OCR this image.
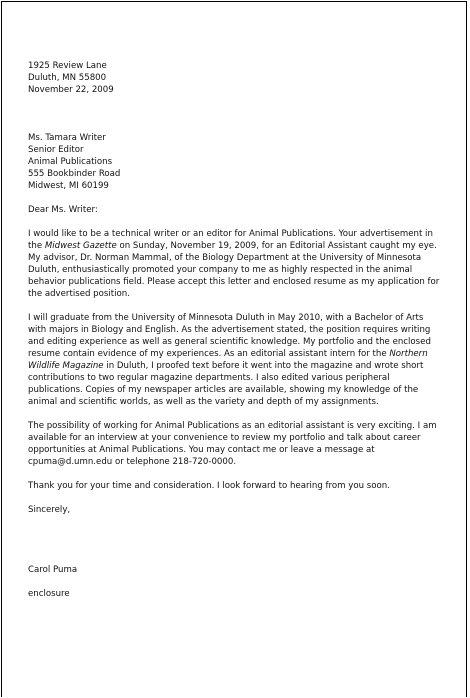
1925 Review Lane
Duluth, MN 55800
November 22, 2009
Ms. Tamara Writer
Senior Editor
Animal Publications
555 Bookbinder Road
Midwest, MI 60199
Dear Ms. Writer:
I would like to be a technical writer or an editor for Animal Publications. Your advertisement in
the Midwest Gazette on Sunday, November 19, 2009, for an Editorial Assistant caught my eye.
My advisor, Dr. Norman Mammal, of the Biology Department at the University of Minnesota
Duluth, enthusiastically promoted your company to me as highly respected in the animal
behavior publications field. Please accept this letter and enclosed resume as my application for
the advertised position.
I will graduate from the University of Minnesota Duluth in May 2010, with a Bachelor of Arts
with majors in Biology and English. As the advertisement stated, the position requires writing
and editing experience as well as general scientific knowledge. My portfolio and the enclosed
resume contain evidence of my experiences. As an editorial assistant intern for the Northern
Wildlife Magazine in Duluth, I proofed text before it went into the magazine and wrote short
contributions to two regular magazine departments. I also edited various peripheral
publications. Copies of my newspaper articles are available, showing my knowledge of the
animal and scientific worlds, as well as the variety and depth of my assignments.
The possibility of working for Animal Publications as an editorial assistant is very exciting. I am
available for an interview at your convenience to review my portfolio and talk about career
opportunities at Animal Publications. You may contact me or leave a message at
cpuma@d.umn.edu or telephone 218-720-0000.
Thank you for your time and consideration. I look forward to hearing from you soon.
Sincerely,
Carol Puma
enclosure
